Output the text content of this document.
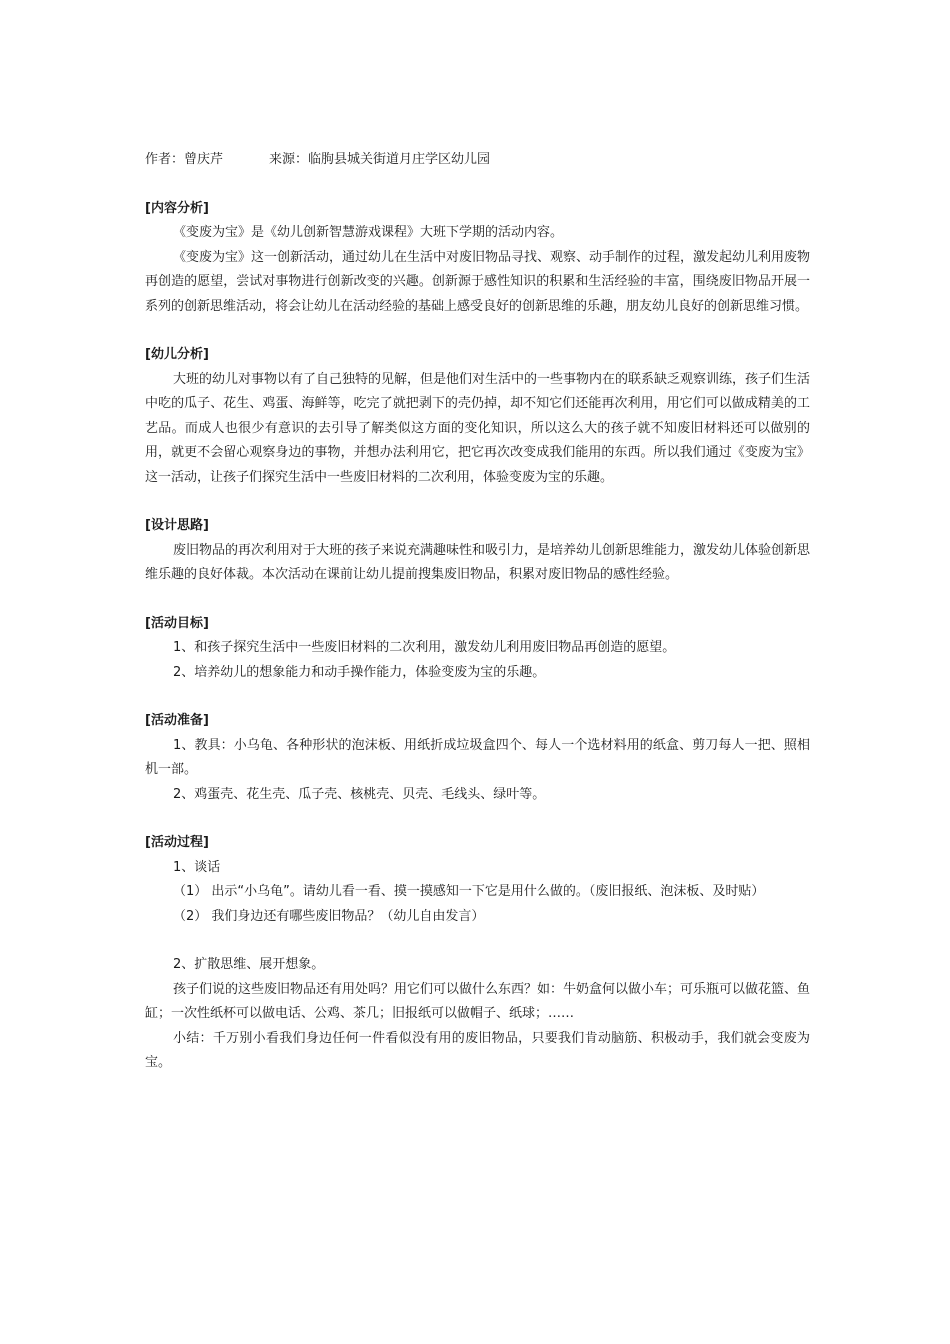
作者：曾庆芹	来源：临朐县城关街道月庄学区幼儿园

[内容分析]

《变废为宝》是《幼儿创新智慧游戏课程》大班下学期的活动内容。

《变废为宝》这一创新活动，通过幼儿在生活中对废旧物品寻找、观察、动手制作的过程，激发起幼儿利用废物再创造的愿望，尝试对事物进行创新改变的兴趣。创新源于感性知识的积累和生活经验的丰富，围绕废旧物品开展一系列的创新思维活动，将会让幼儿在活动经验的基础上感受良好的创新思维的乐趣，朋友幼儿良好的创新思维习惯。

[幼儿分析]

大班的幼儿对事物以有了自己独特的见解，但是他们对生活中的一些事物内在的联系缺乏观察训练，孩子们生活中吃的瓜子、花生、鸡蛋、海鲜等，吃完了就把剥下的壳仍掉，却不知它们还能再次利用，用它们可以做成精美的工艺品。而成人也很少有意识的去引导了解类似这方面的变化知识，所以这么大的孩子就不知废旧材料还可以做别的用，就更不会留心观察身边的事物，并想办法利用它，把它再次改变成我们能用的东西。所以我们通过《变废为宝》这一活动，让孩子们探究生活中一些废旧材料的二次利用，体验变废为宝的乐趣。

[设计思路]

废旧物品的再次利用对于大班的孩子来说充满趣味性和吸引力，是培养幼儿创新思维能力，激发幼儿体验创新思维乐趣的良好体裁。本次活动在课前让幼儿提前搜集废旧物品，积累对废旧物品的感性经验。

[活动目标]

1、和孩子探究生活中一些废旧材料的二次利用，激发幼儿利用废旧物品再创造的愿望。

2、培养幼儿的想象能力和动手操作能力，体验变废为宝的乐趣。

[活动准备]

1、教具：小乌龟、各种形状的泡沫板、用纸折成垃圾盒四个、每人一个选材料用的纸盒、剪刀每人一把、照相机一部。

2、鸡蛋壳、花生壳、瓜子壳、核桃壳、贝壳、毛线头、绿叶等。

[活动过程]

1、谈话

（1） 出示“小乌龟”。请幼儿看一看、摸一摸感知一下它是用什么做的。（废旧报纸、泡沫板、及时贴）

（2） 我们身边还有哪些废旧物品？（幼儿自由发言）

2、扩散思维、展开想象。

孩子们说的这些废旧物品还有用处吗？用它们可以做什么东西？如：牛奶盒何以做小车；可乐瓶可以做花篮、鱼缸；一次性纸杯可以做电话、公鸡、茶几；旧报纸可以做帽子、纸球；……

小结：千万别小看我们身边任何一件看似没有用的废旧物品，只要我们肯动脑筋、积极动手，我们就会变废为宝。
